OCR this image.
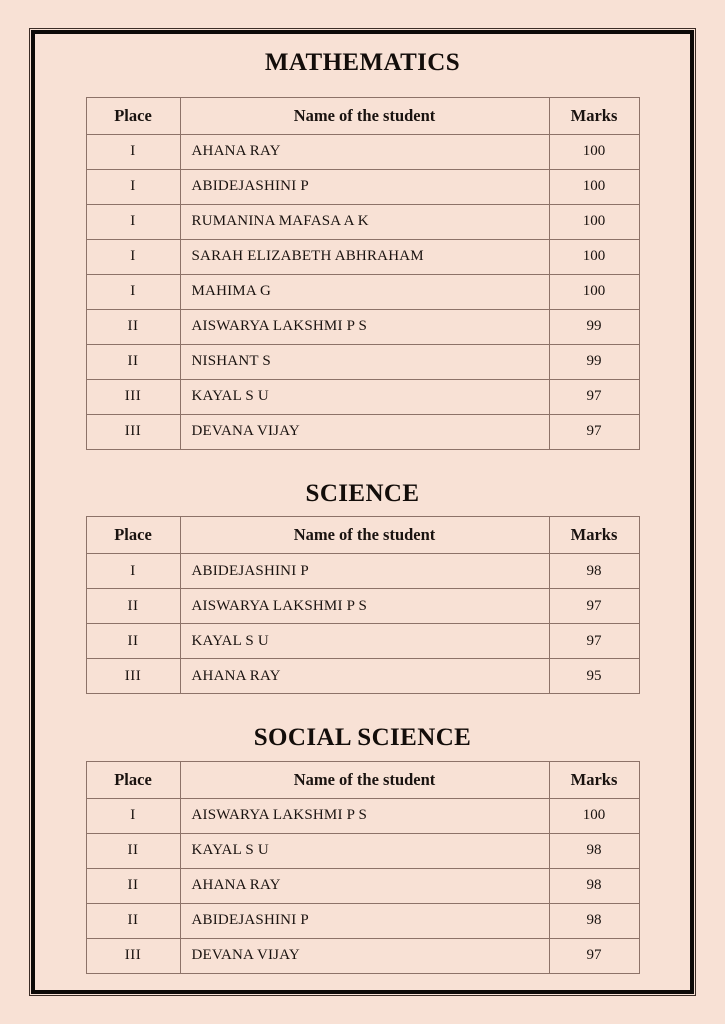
MATHEMATICS
Place	Name of the student	Marks
I	AHANA RAY	100
I	ABIDEJASHINI P	100
I	RUMANINA MAFASA A K	100
I	SARAH ELIZABETH ABHRAHAM	100
I	MAHIMA G	100
II	AISWARYA LAKSHMI P S	99
II	NISHANT S	99
III	KAYAL S U	97
III	DEVANA VIJAY	97
SCIENCE
Place	Name of the student	Marks
I	ABIDEJASHINI P	98
II	AISWARYA LAKSHMI P S	97
II	KAYAL S U	97
III	AHANA RAY	95
SOCIAL SCIENCE
Place	Name of the student	Marks
I	AISWARYA LAKSHMI P S	100
II	KAYAL S U	98
II	AHANA RAY	98
II	ABIDEJASHINI P	98
III	DEVANA VIJAY	97
